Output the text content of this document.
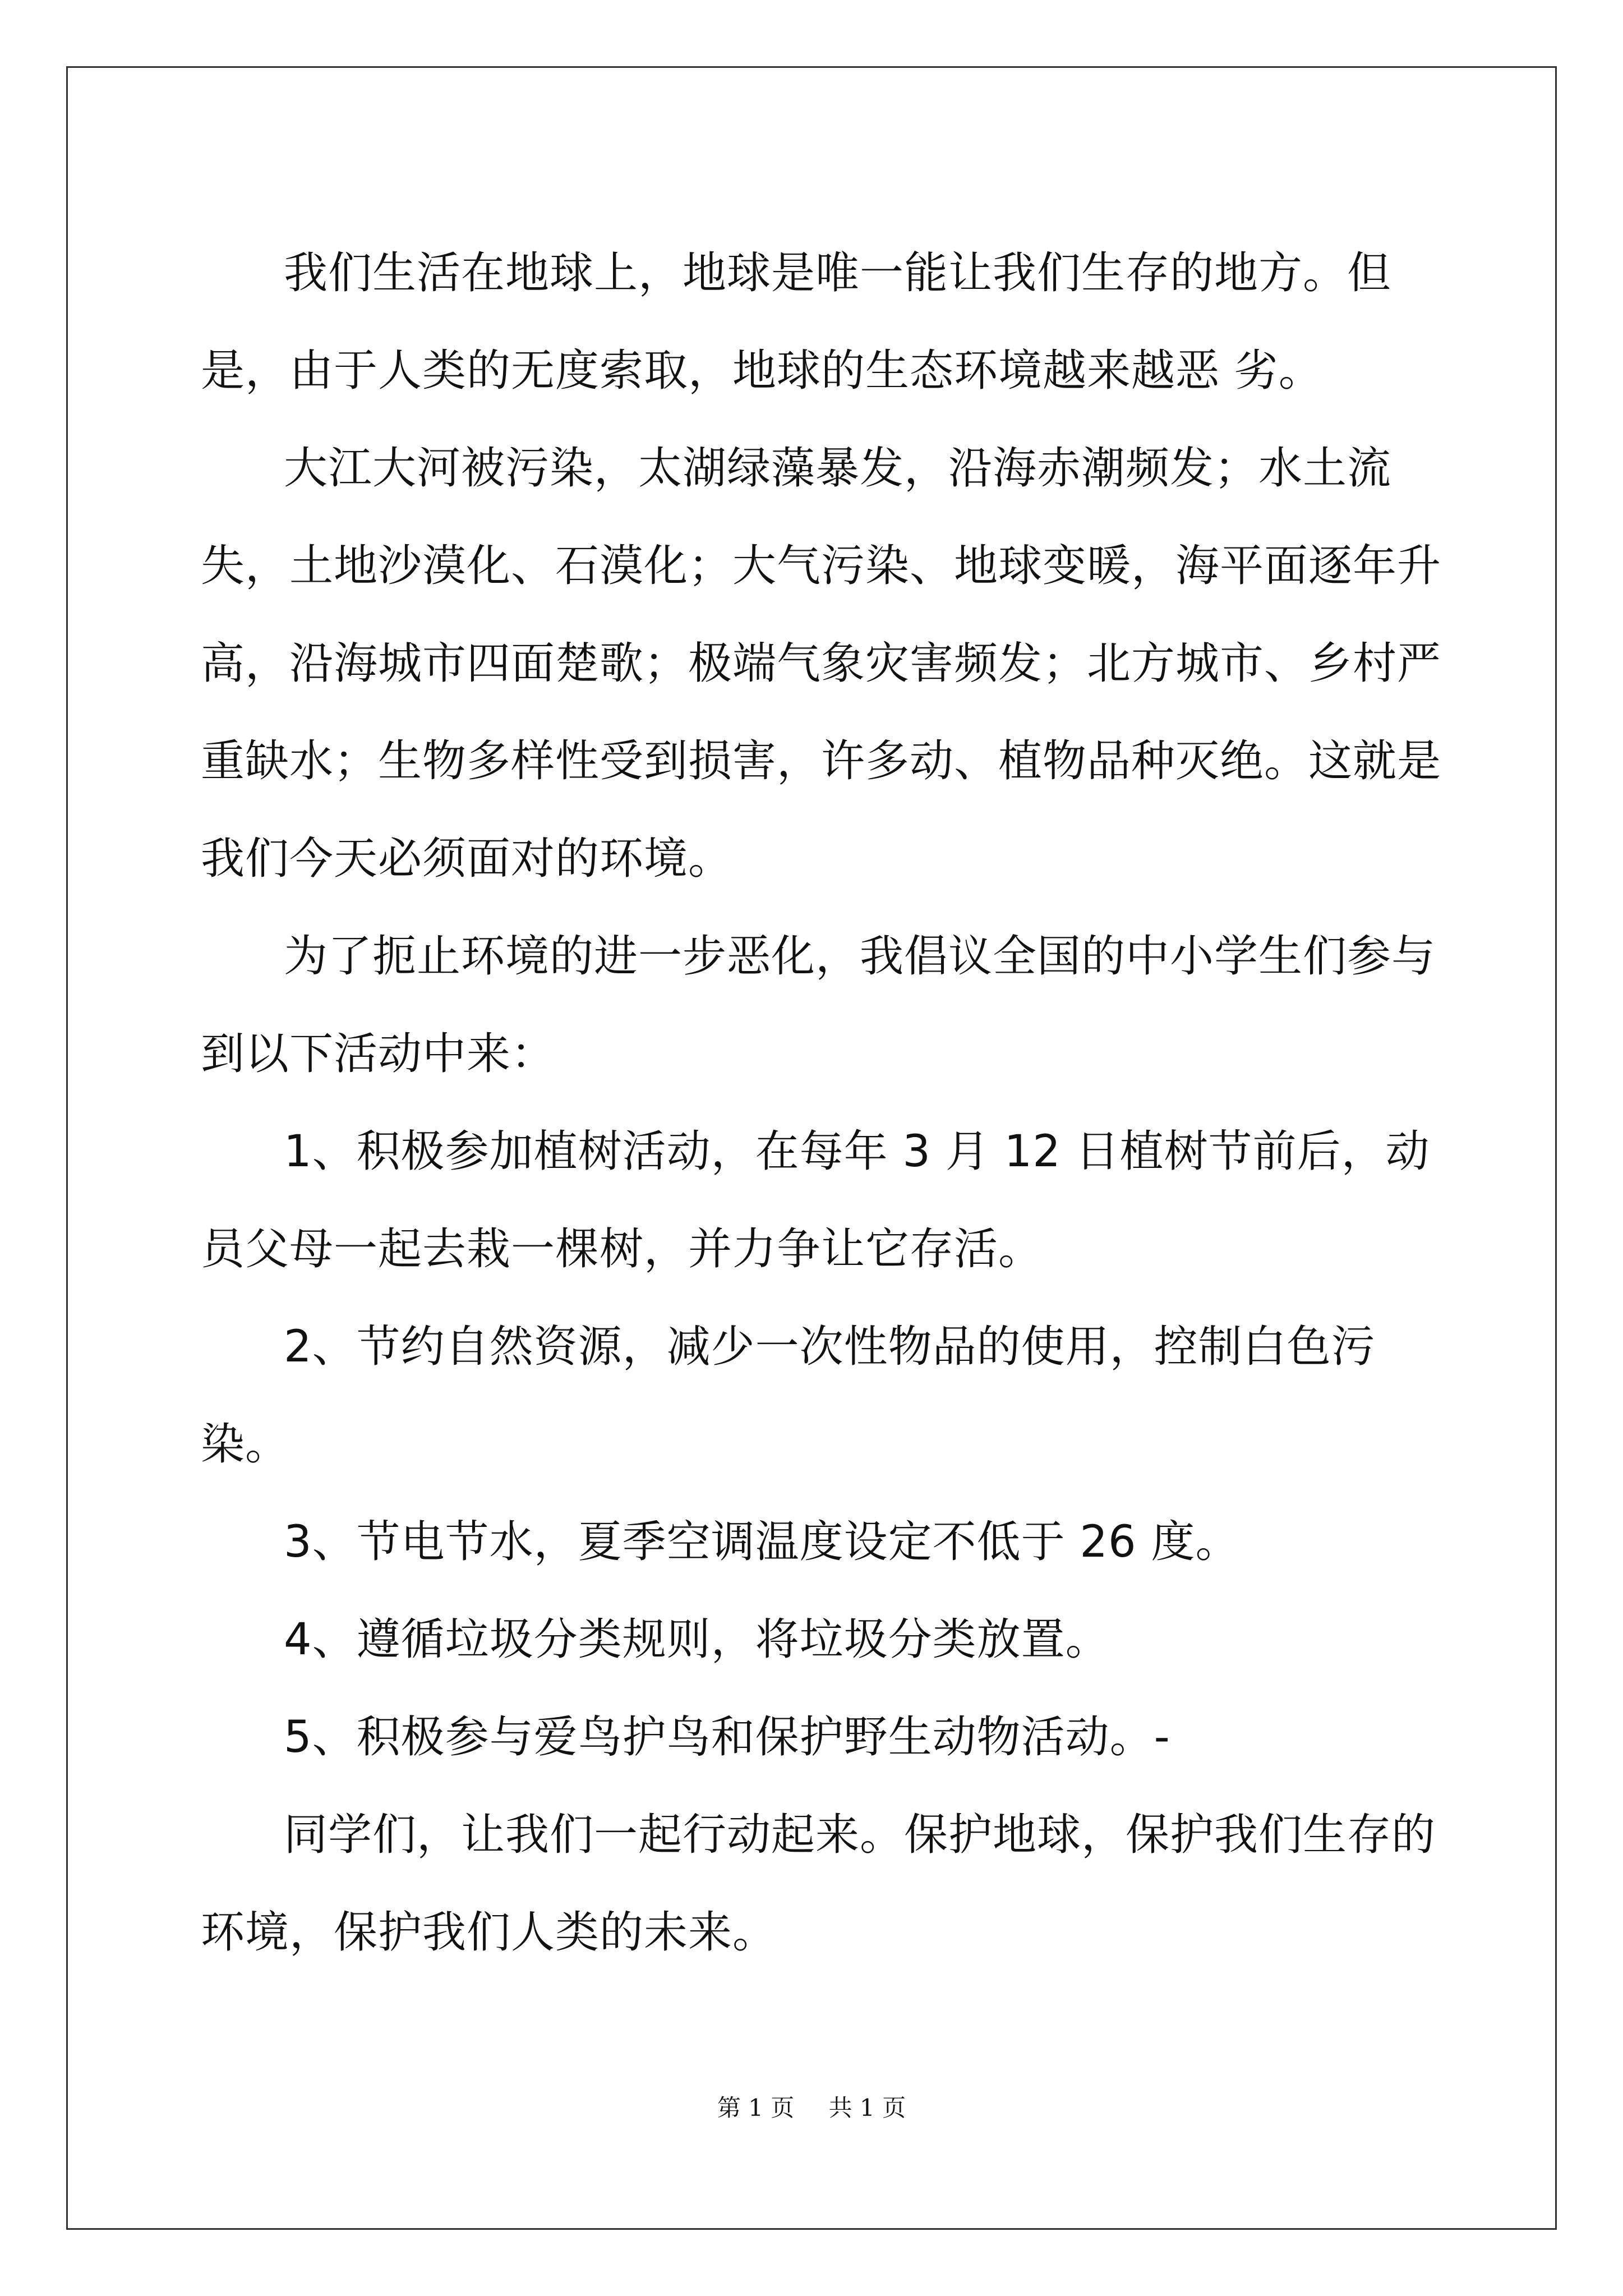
我们生活在地球上，地球是唯一能让我们生存的地方。但是，由于人类的无度索取，地球的生态环境越来越恶 劣。

大江大河被污染，太湖绿藻暴发，沿海赤潮频发；水土流失，土地沙漠化、石漠化；大气污染、地球变暖，海平面逐年升高，沿海城市四面楚歌；极端气象灾害频发；北方城市、乡村严重缺水；生物多样性受到损害，许多动、植物品种灭绝。这就是我们今天必须面对的环境。

为了扼止环境的进一步恶化，我倡议全国的中小学生们参与到以下活动中来：

1、积极参加植树活动，在每年 3 月 12 日植树节前后，动员父母一起去栽一棵树，并力争让它存活。

2、节约自然资源，减少一次性物品的使用，控制白色污染。

3、节电节水，夏季空调温度设定不低于 26 度。

4、遵循垃圾分类规则，将垃圾分类放置。

5、积极参与爱鸟护鸟和保护野生动物活动。-

同学们，让我们一起行动起来。保护地球，保护我们生存的环境，保护我们人类的未来。

第 1 页 共 1 页
